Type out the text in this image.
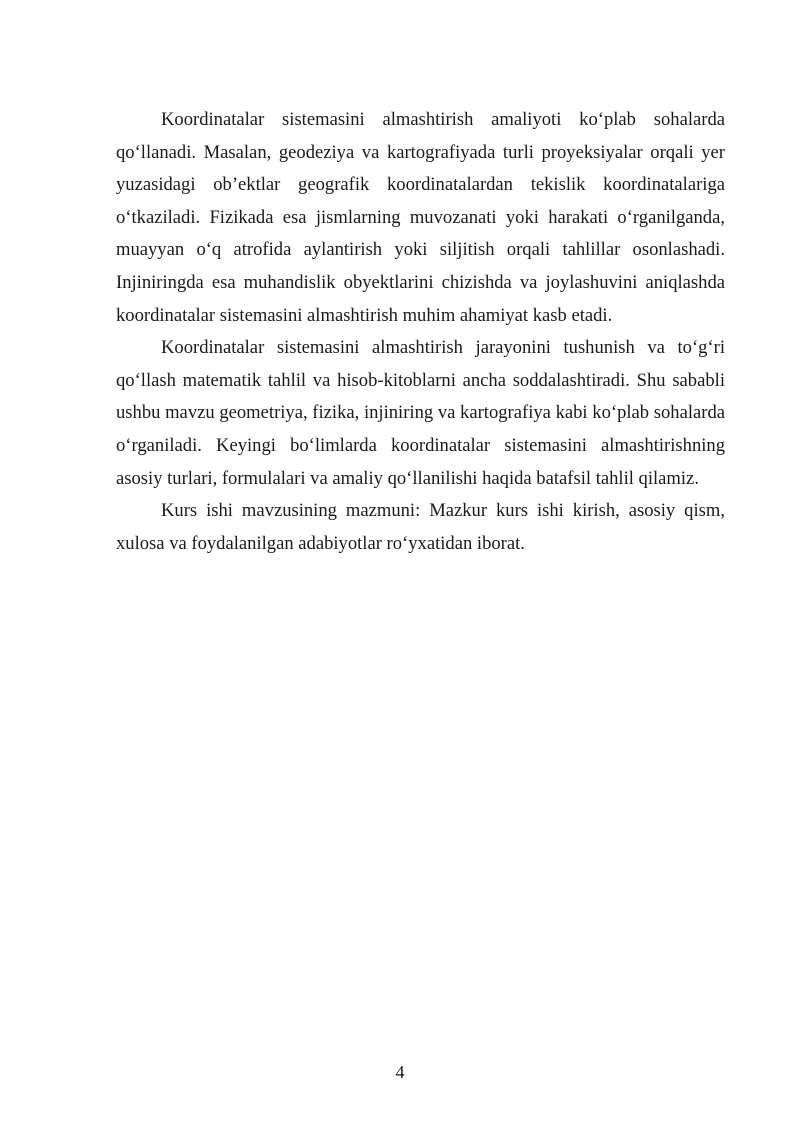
Koordinatalar sistemasini almashtirish amaliyoti ko‘plab sohalarda qo‘llanadi. Masalan, geodeziya va kartografiyada turli proyeksiyalar orqali yer yuzasidagi ob’ektlar geografik koordinatalardan tekislik koordinatalariga o‘tkaziladi. Fizikada esa jismlarning muvozanati yoki harakati o‘rganilganda, muayyan o‘q atrofida aylantirish yoki siljitish orqali tahlillar osonlashadi. Injiniringda esa muhandislik obyektlarini chizishda va joylashuvini aniqlashda koordinatalar sistemasini almashtirish muhim ahamiyat kasb etadi.

Koordinatalar sistemasini almashtirish jarayonini tushunish va to‘g‘ri qo‘llash matematik tahlil va hisob-kitoblarni ancha soddalashtiradi. Shu sababli ushbu mavzu geometriya, fizika, injiniring va kartografiya kabi ko‘plab sohalarda o‘rganiladi. Keyingi bo‘limlarda koordinatalar sistemasini almashtirishning asosiy turlari, formulalari va amaliy qo‘llanilishi haqida batafsil tahlil qilamiz.

Kurs ishi mavzusining mazmuni: Mazkur kurs ishi kirish, asosiy qism, xulosa va foydalanilgan adabiyotlar ro‘yxatidan iborat.

4
